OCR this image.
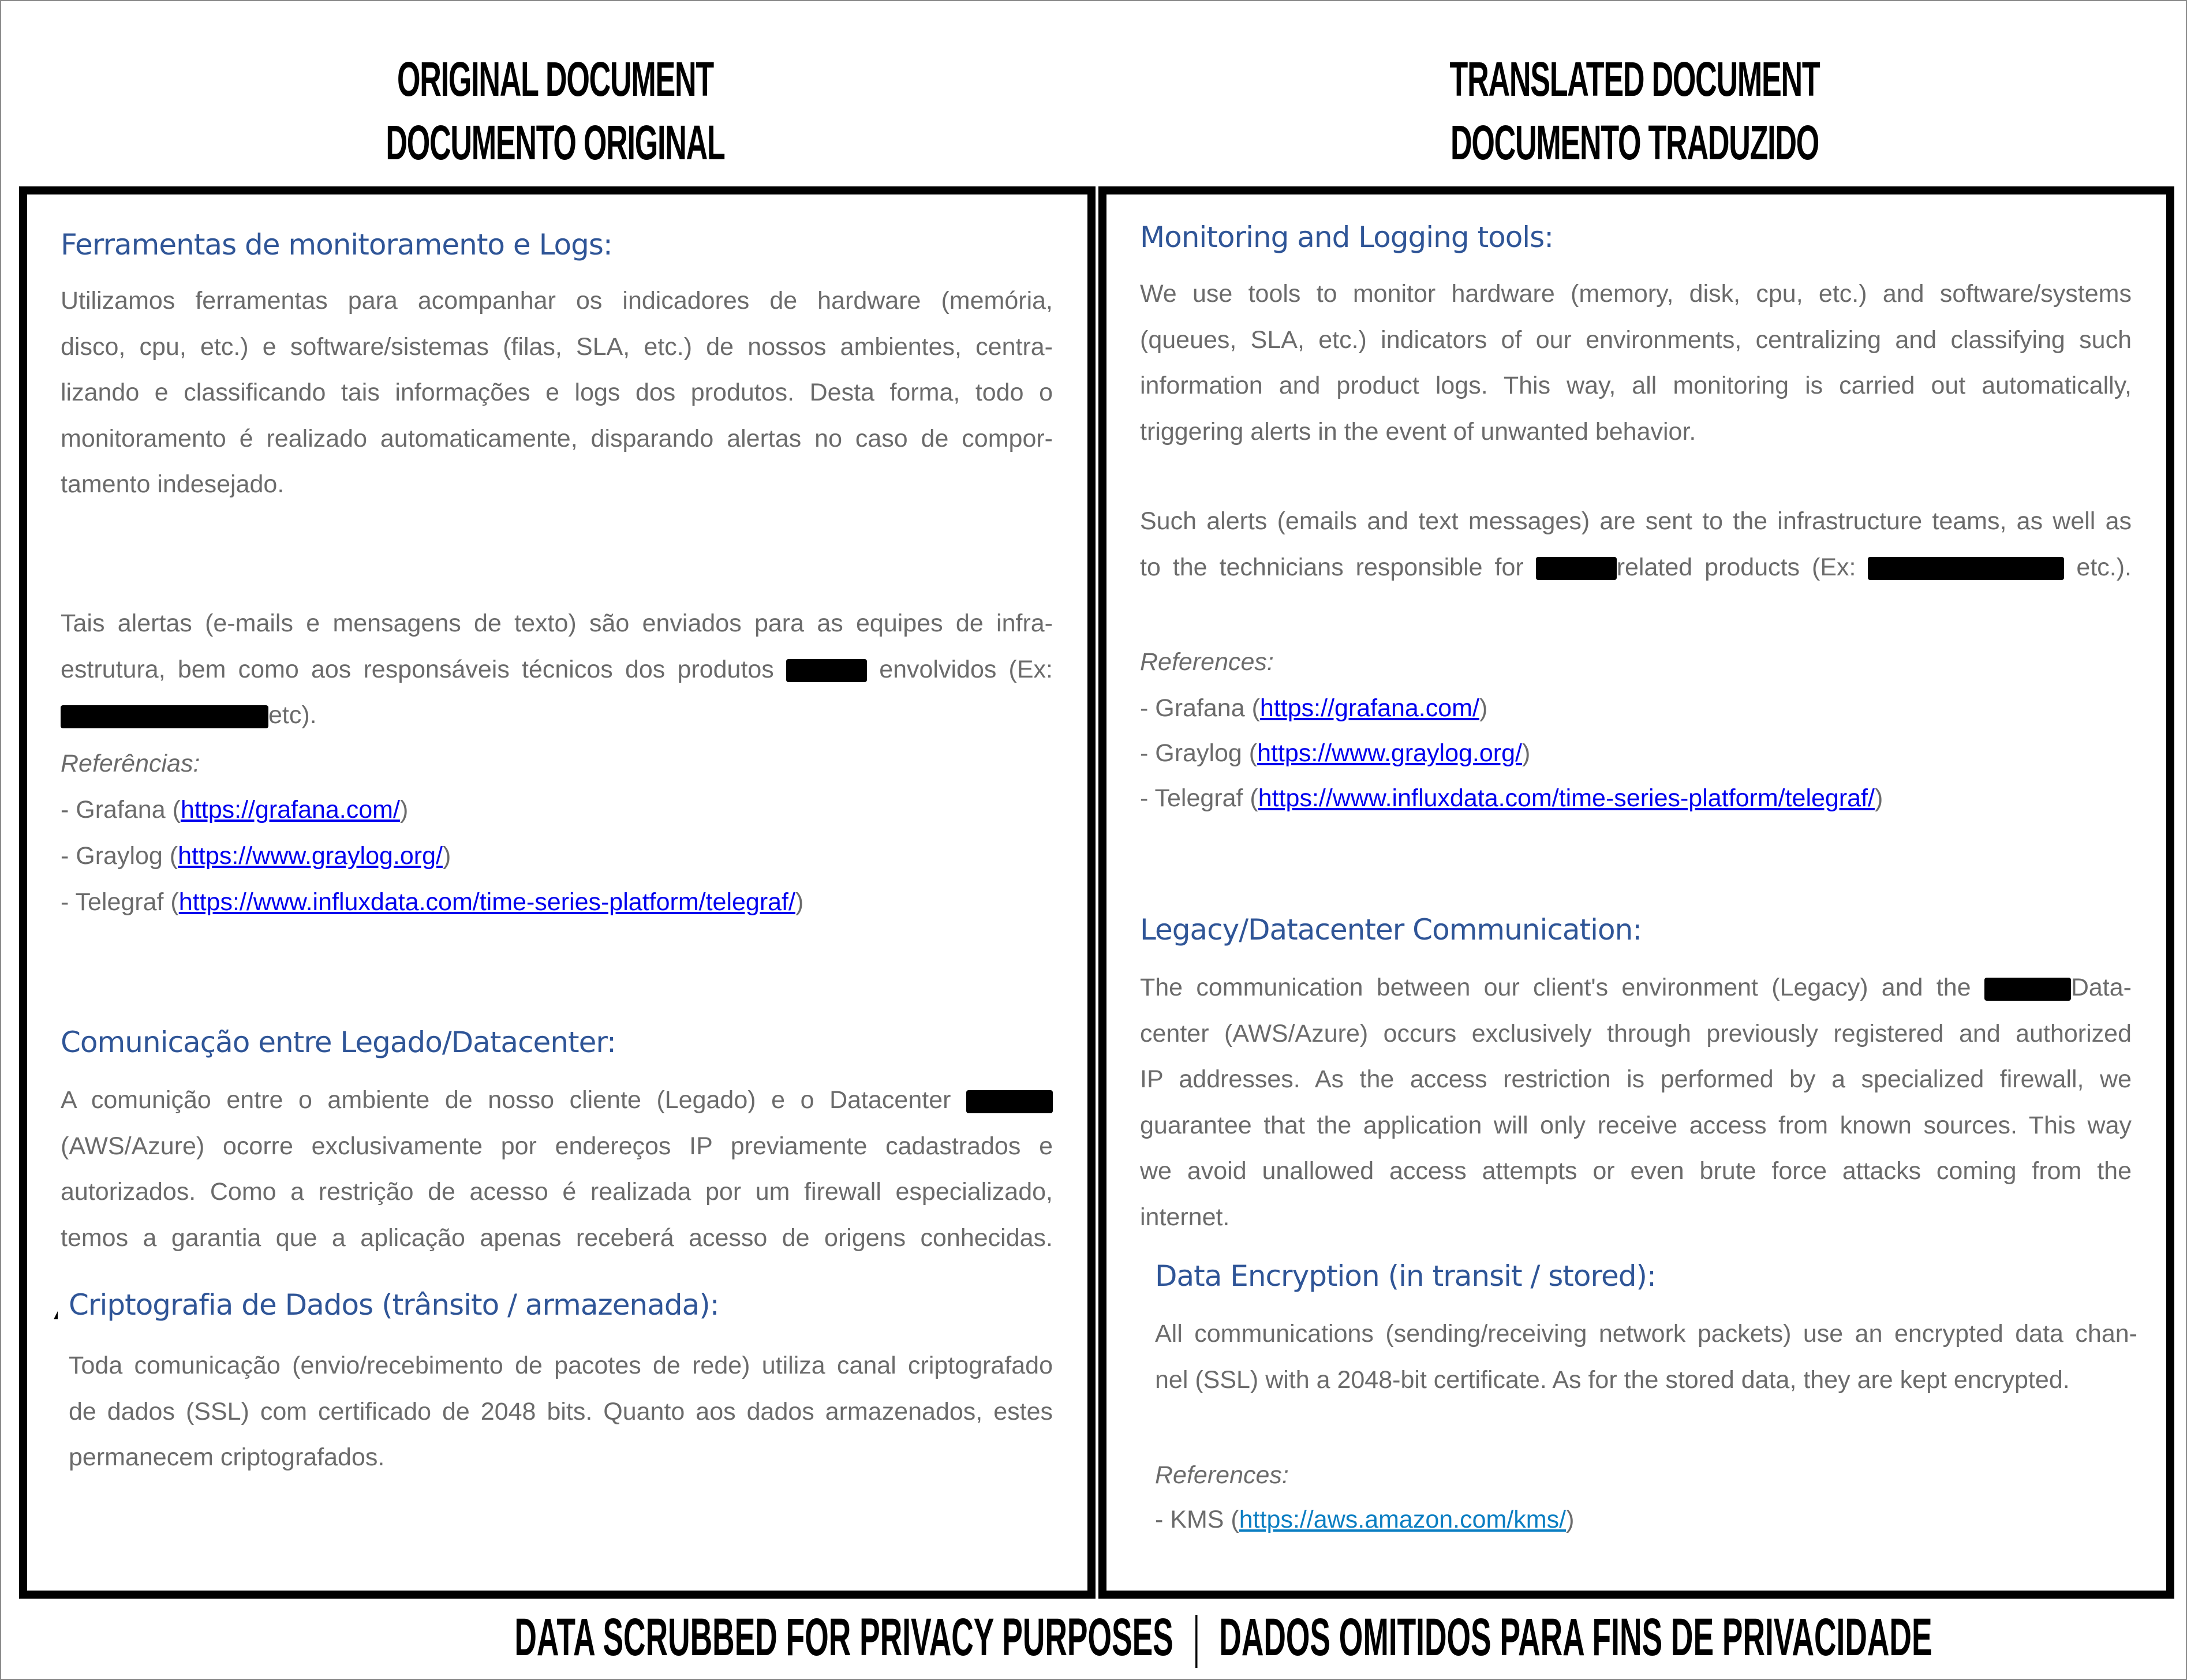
ORIGINAL DOCUMENT
DOCUMENTO ORIGINAL
TRANSLATED DOCUMENT
DOCUMENTO TRADUZIDO
Ferramentas de monitoramento e Logs:
Utilizamos ferramentas para acompanhar os indicadores de hardware (memória,
disco, cpu, etc.) e software/sistemas (filas, SLA, etc.) de nossos ambientes, centra-
lizando e classificando tais informações e logs dos produtos. Desta forma, todo o
monitoramento é realizado automaticamente, disparando alertas no caso de compor-
tamento indesejado.
Tais alertas (e-mails e mensagens de texto) são enviados para as equipes de infra-
estrutura, bem como aos responsáveis técnicos dos produtos	envolvidos (Ex:
etc).
Referências:
- Grafana (https://grafana.com/)
- Graylog (https://www.graylog.org/)
- Telegraf (https://www.influxdata.com/time-series-platform/telegraf/)
Comunicação entre Legado/Datacenter:
A comunição entre o ambiente de nosso cliente (Legado) e o Datacenter
(AWS/Azure) ocorre exclusivamente por endereços IP previamente cadastrados e
autorizados. Como a restrição de acesso é realizada por um firewall especializado,
temos a garantia que a aplicação apenas receberá acesso de origens conhecidas.
Criptografia de Dados (trânsito / armazenada):
Toda comunicação (envio/recebimento de pacotes de rede) utiliza canal criptografado
de dados (SSL) com certificado de 2048 bits. Quanto aos dados armazenados, estes
permanecem criptografados.
Monitoring and Logging tools:
We use tools to monitor hardware (memory, disk, cpu, etc.) and software/systems
(queues, SLA, etc.) indicators of our environments, centralizing and classifying such
information and product logs. This way, all monitoring is carried out automatically,
triggering alerts in the event of unwanted behavior.
Such alerts (emails and text messages) are sent to the infrastructure teams, as well as
to the technicians responsible for	related products (Ex:	etc.).
References:
- Grafana (https://grafana.com/)
- Graylog (https://www.graylog.org/)
- Telegraf (https://www.influxdata.com/time-series-platform/telegraf/)
Legacy/Datacenter Communication:
The communication between our client's environment (Legacy) and the	Data-
center (AWS/Azure) occurs exclusively through previously registered and authorized
IP addresses. As the access restriction is performed by a specialized firewall, we
guarantee that the application will only receive access from known sources. This way
we avoid unallowed access attempts or even brute force attacks coming from the
internet.
Data Encryption (in transit / stored):
All communications (sending/receiving network packets) use an encrypted data chan-
nel (SSL) with a 2048-bit certificate. As for the stored data, they are kept encrypted.
References:
- KMS (https://aws.amazon.com/kms/)
DATA SCRUBBED FOR PRIVACY PURPOSES DADOS OMITIDOS PARA FINS DE PRIVACIDADE
